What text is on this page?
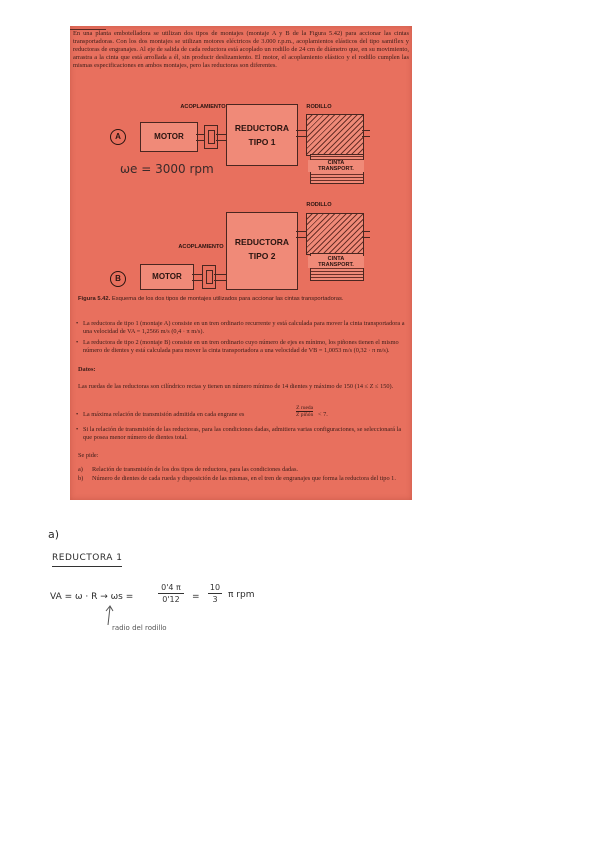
En una planta embotelladora se utilizan dos tipos de montajes (montaje A y B de la Figura 5.42) para accionar las cintas transportadoras. Con los dos montajes se utilizan motores eléctricos de 3.000 r.p.m., acoplamientos elásticos del tipo samiflex y reductoras de engranajes. Al eje de salida de cada reductora está acoplado un rodillo de 24 cm de diámetro que, en su movimiento, arrastra a la cinta que está arrollada a él, sin producir deslizamiento. El motor, el acoplamiento elástico y el rodillo cumplen las mismas especificaciones en ambos montajes, pero las reductoras son diferentes.
A	MOTOR
ACOPLAMIENTO
REDUCTORA
TIPO 1
RODILLO
CINTA
TRANSPORT.
ωe = 3000 rpm
B	MOTOR
ACOPLAMIENTO	REDUCTORA
TIPO 2
RODILLO
CINTA
TRANSPORT.
Figura 5.42. Esquema de los dos tipos de montajes utilizados para accionar las cintas transportadoras.
• La reductora de tipo 1 (montaje A) consiste en un tren ordinario recurrente y está calculada para mover la cinta transportadora a una velocidad de VA = 1,2566 m/s (0,4 · π m/s).
• La reductora de tipo 2 (montaje B) consiste en un tren ordinario cuyo número de ejes es mínimo, los piñones tienen el mismo número de dientes y está calculada para mover la cinta transportadora a una velocidad de VB = 1,0053 m/s (0,32 · π m/s).
Datos:
Las ruedas de las reductoras son cilíndrico rectas y tienen un número mínimo de 14 dientes y máximo de 150 (14 ≤ Z ≤ 150).
• La máxima relación de transmisión admitida en cada engrane es
Z rueda
Z piñón < 7.
• Si la relación de transmisión de las reductoras, para las condiciones dadas, admitiera varias configuraciones, se seleccionará la que posea menor número de dientes total.
Se pide:
a) Relación de transmisión de los dos tipos de reductora, para las condiciones dadas.
b) Número de dientes de cada rueda y disposición de las mismas, en el tren de engranajes que forma la reductora del tipo 1.
a)
REDUCTORA 1
VA = ω · R → ωs =
0'4 π
0'12	=
10
3	π rpm
radio del rodillo
